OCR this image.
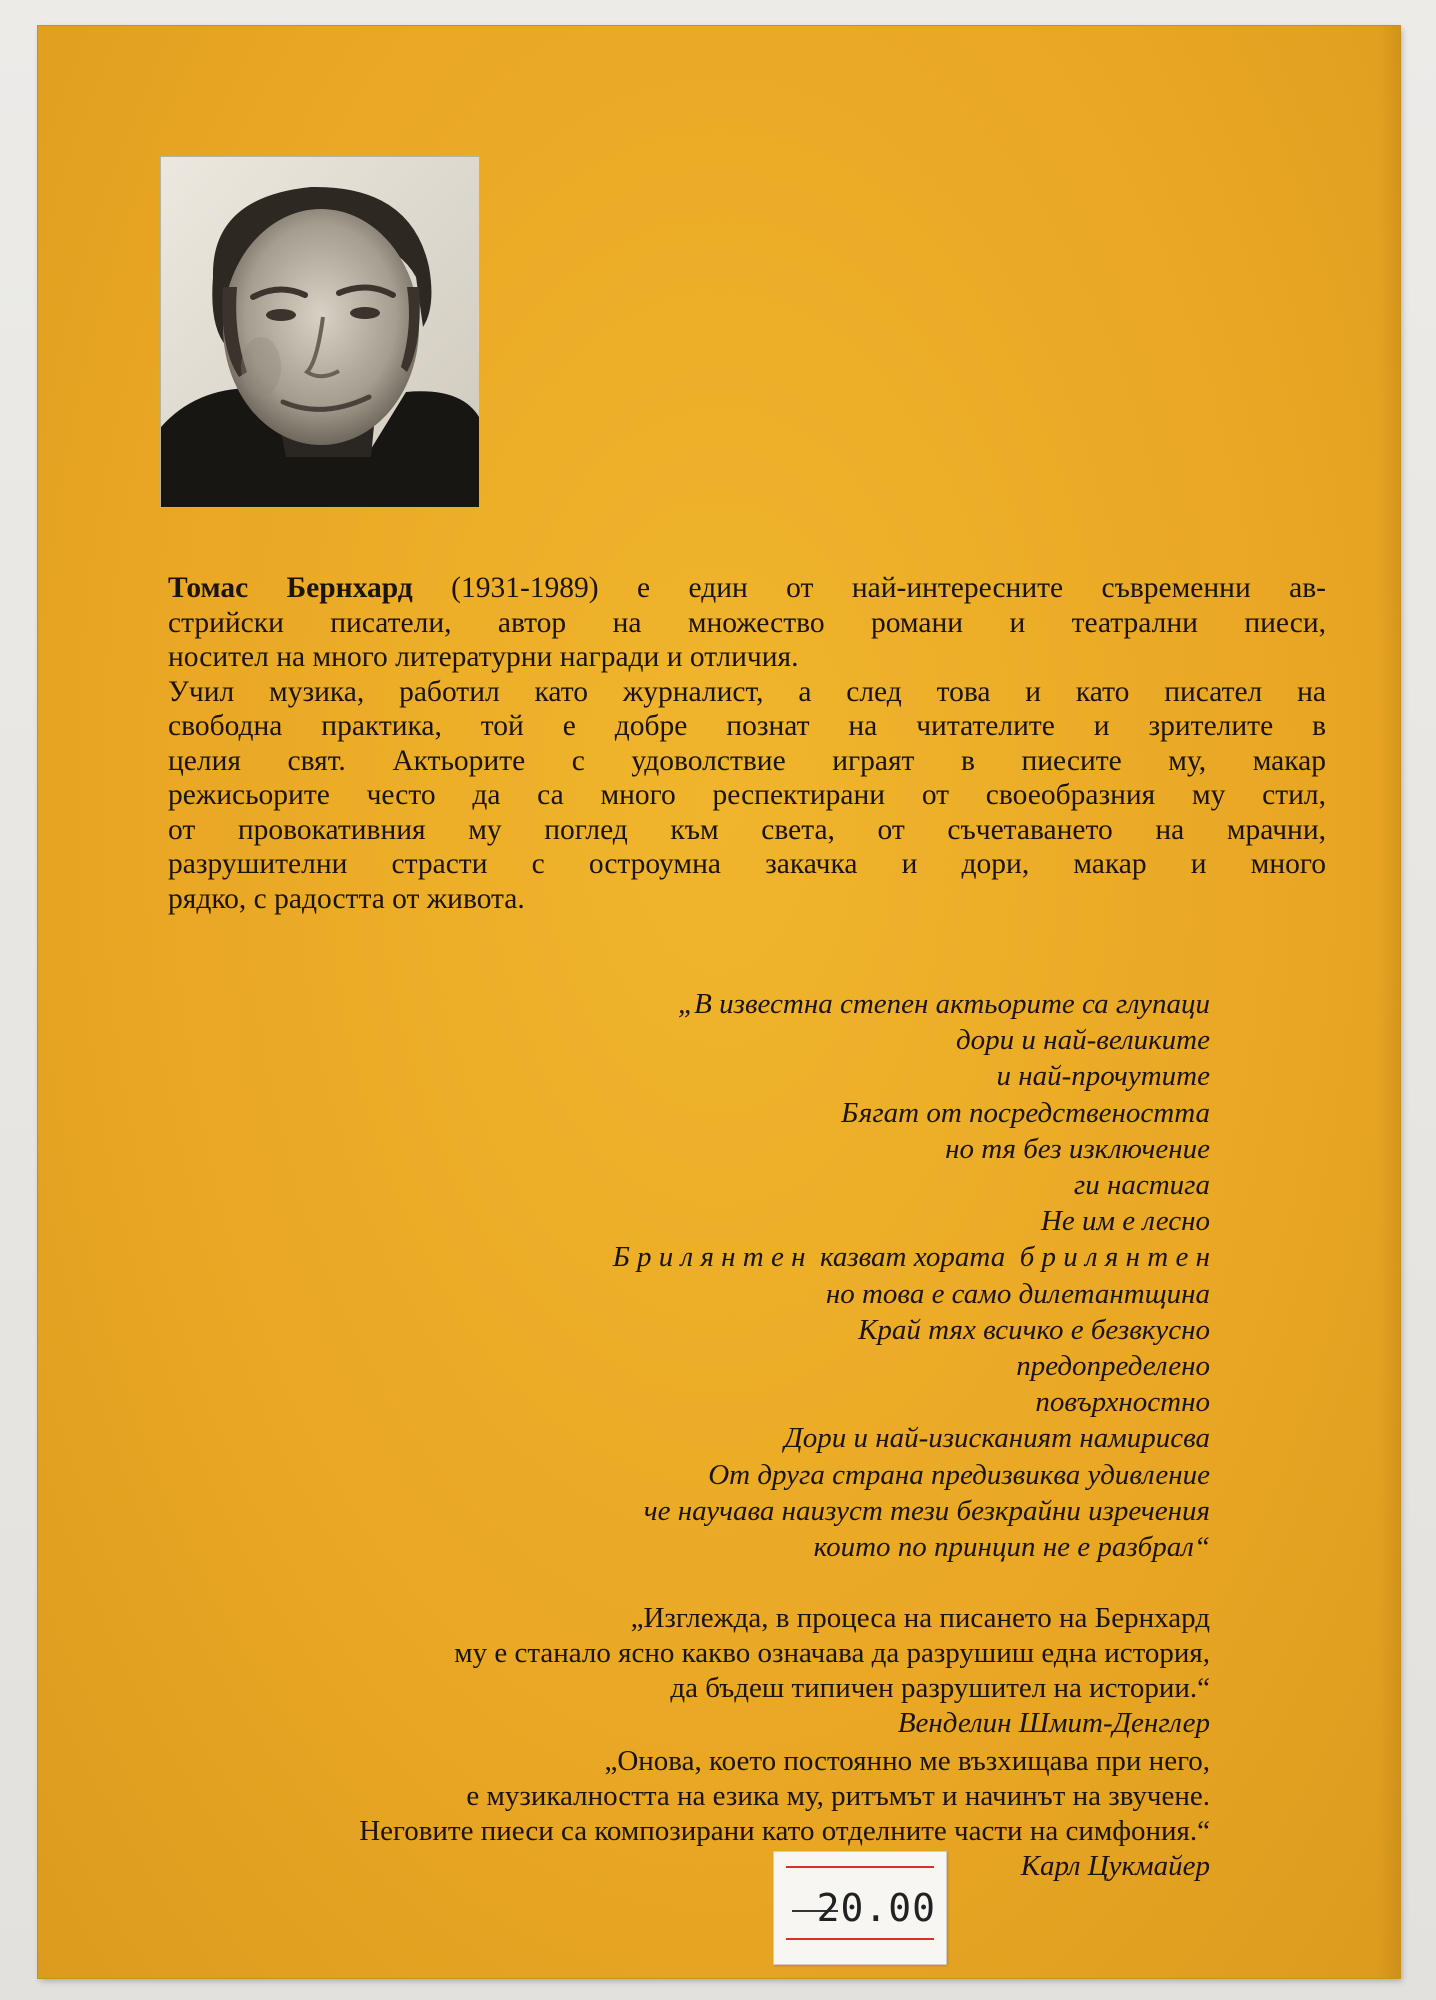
Томас Бернхард (1931-1989) е един от най-интересните съвременни ав-
стрийски писатели, автор на множество романи и театрални пиеси,
носител на много литературни награди и отличия.
Учил музика, работил като журналист, а след това и като писател на
свободна практика, той е добре познат на читателите и зрителите в
целия свят. Актьорите с удоволствие играят в пиесите му, макар
режисьорите често да са много респектирани от своеобразния му стил,
от провокативния му поглед към света, от съчетаването на мрачни,
разрушителни страсти с остроумна закачка и дори, макар и много
рядко, с радостта от живота.
„В известна степен актьорите са глупаци
дори и най-великите
и най-прочутите
Бягат от посредствеността
но тя без изключение
ги настига
Не им е лесно
Б р и л я н т е н  казват хората  б р и л я н т е н
но това е само дилетантщина
Край тях всичко е безвкусно
предопределено
повърхностно
Дори и най-изисканият намирисва
От друга страна предизвиква удивление
че научава наизуст тези безкрайни изречения
които по принцип не е разбрал“
„Изглежда, в процеса на писането на Бернхард
му е станало ясно какво означава да разрушиш една история,
да бъдеш типичен разрушител на истории.“
Венделин Шмит-Денглер
„Онова, което постоянно ме възхищава при него,
е музикалността на езика му, ритъмът и начинът на звучене.
Неговите пиеси са композирани като отделните части на симфония.“
Карл Цукмайер
20.00
